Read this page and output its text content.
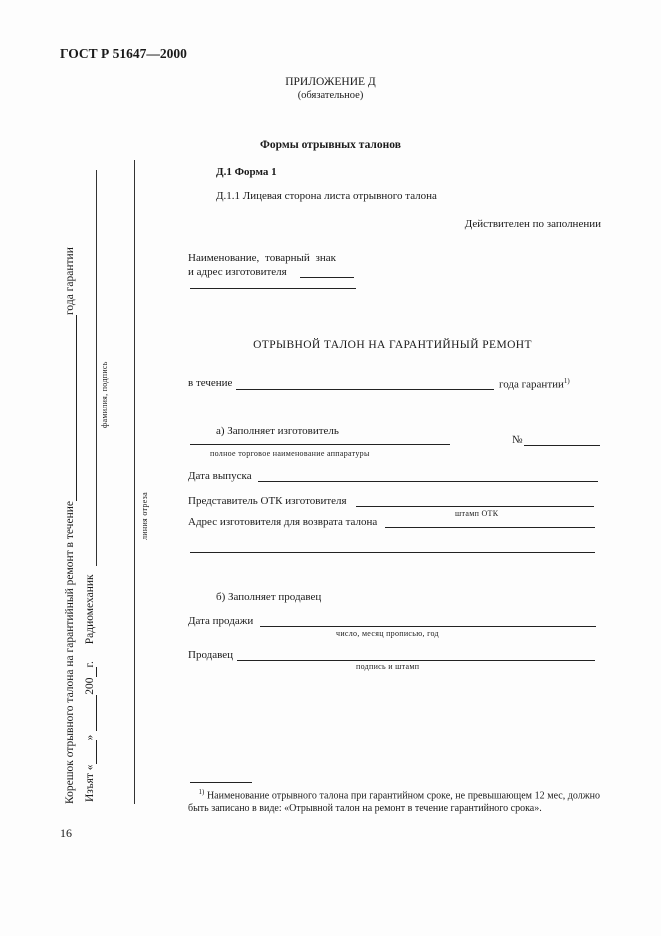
ГОСТ Р 51647—2000
ПРИЛОЖЕНИЕ Д
(обязательное)
Формы отрывных талонов
Д.1 Форма 1
Д.1.1 Лицевая сторона листа отрывного талона
Действителен по заполнении
Наименование, товарный знак
и адрес изготовителя
ОТРЫВНОЙ ТАЛОН НА ГАРАНТИЙНЫЙ РЕМОНТ
в течение	года гарантии$^{1)}$
а) Заполняет изготовитель
№
полное торговое наименование аппаратуры
Дата выпуска
Представитель ОТК изготовителя
штамп ОТК
Адрес изготовителя для возврата талона
б) Заполняет продавец
Дата продажи
число, месяц прописью, год
Продавец
подпись и штамп
$^{1)}$ Наименование отрывного талона при гарантийном сроке, не превышающем 12 мес, должно быть записано в виде: «Отрывной талон на ремонт в течение гарантийного срока».
16
Корешок отрывного талона на гарантийный ремонт в течение года гарантии
Изъят « » 200 г. Радиомеханик
фамилия, подпись
линия отреза
